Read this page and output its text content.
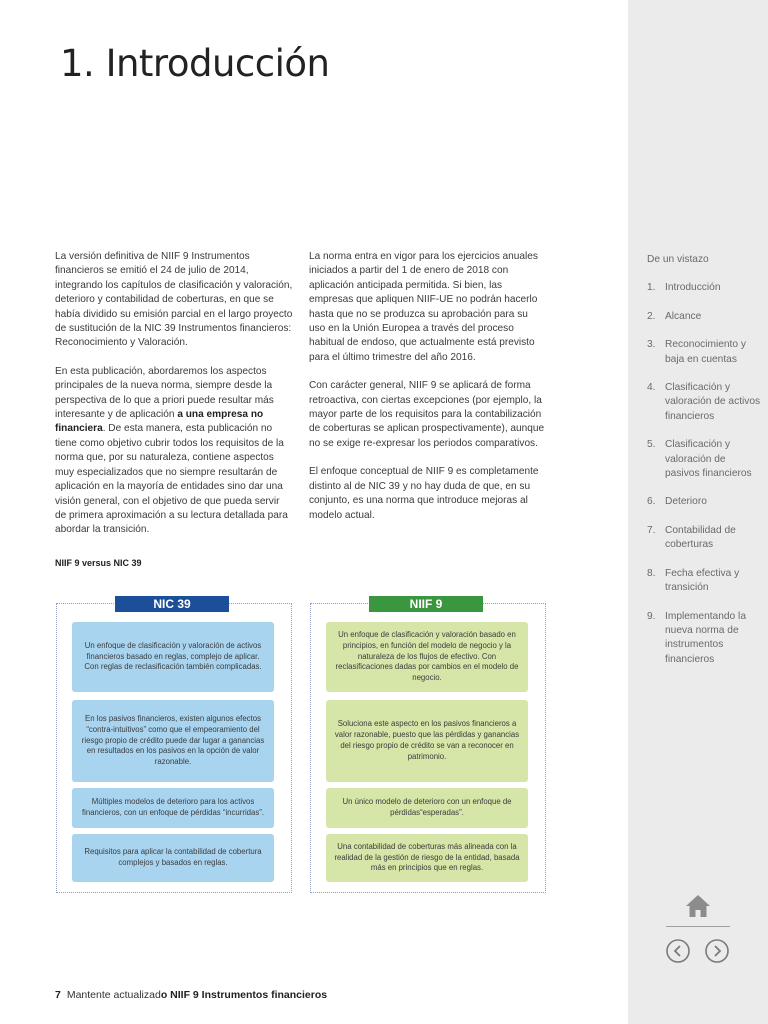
1. Introducción

La versión definitiva de NIIF 9 Instrumentos financieros se emitió el 24 de julio de 2014, integrando los capítulos de clasificación y valoración, deterioro y contabilidad de coberturas, en que se había dividido su emisión parcial en el largo proyecto de sustitución de la NIC 39 Instrumentos financieros: Reconocimiento y Valoración.

En esta publicación, abordaremos los aspectos principales de la nueva norma, siempre desde la perspectiva de lo que a priori puede resultar más interesante y de aplicación a una empresa no financiera. De esta manera, esta publicación no tiene como objetivo cubrir todos los requisitos de la norma que, por su naturaleza, contiene aspectos muy especializados que no siempre resultarán de aplicación en la mayoría de entidades sino dar una visión general, con el objetivo de que pueda servir de primera aproximación a su lectura detallada para abordar la transición.

La norma entra en vigor para los ejercicios anuales iniciados a partir del 1 de enero de 2018 con aplicación anticipada permitida. Si bien, las empresas que apliquen NIIF-UE no podrán hacerlo hasta que no se produzca su aprobación para su uso en la Unión Europea a través del proceso habitual de endoso, que actualmente está previsto para el último trimestre del año 2016.

Con carácter general, NIIF 9 se aplicará de forma retroactiva, con ciertas excepciones (por ejemplo, la mayor parte de los requisitos para la contabilización de coberturas se aplican prospectivamente), aunque no se exige re-expresar los periodos comparativos.

El enfoque conceptual de NIIF 9 es completamente distinto al de NIC 39 y no hay duda de que, en su conjunto, es una norma que introduce mejoras al modelo actual.

NIIF 9 versus NIC 39
NIC 39
Un enfoque de clasificación y valoración de activos financieros basado en reglas, complejo de aplicar. Con reglas de reclasificación también complicadas.
En los pasivos financieros, existen algunos efectos “contra-intuitivos” como que el empeoramiento del riesgo propio de crédito puede dar lugar a ganancias en resultados en los pasivos en la opción de valor razonable.
Múltiples modelos de deterioro para los activos financieros, con un enfoque de pérdidas “incurridas”.
Requisitos para aplicar la contabilidad de cobertura complejos y basados en reglas.
NIIF 9
Un enfoque de clasificación y valoración basado en principios, en función del modelo de negocio y la naturaleza de los flujos de efectivo. Con reclasificaciones dadas por cambios en el modelo de negocio.
Soluciona este aspecto en los pasivos financieros a valor razonable, puesto que las pérdidas y ganancias del riesgo propio de crédito se van a reconocer en patrimonio.
Un único modelo de deterioro con un enfoque de pérdidas“esperadas”.
Una contabilidad de coberturas más alineada con la realidad de la gestión de riesgo de la entidad, basada más en principios que en reglas.
De un vistazo
1. Introducción
2. Alcance
3. Reconocimiento y baja en cuentas
4. Clasificación y valoración de activos financieros
5. Clasificación y valoración de pasivos financieros
6. Deterioro
7. Contabilidad de coberturas
8. Fecha efectiva y transición
9. Implementando la nueva norma de instrumentos financieros
7 Mantente actualizado NIIF 9 Instrumentos financieros
